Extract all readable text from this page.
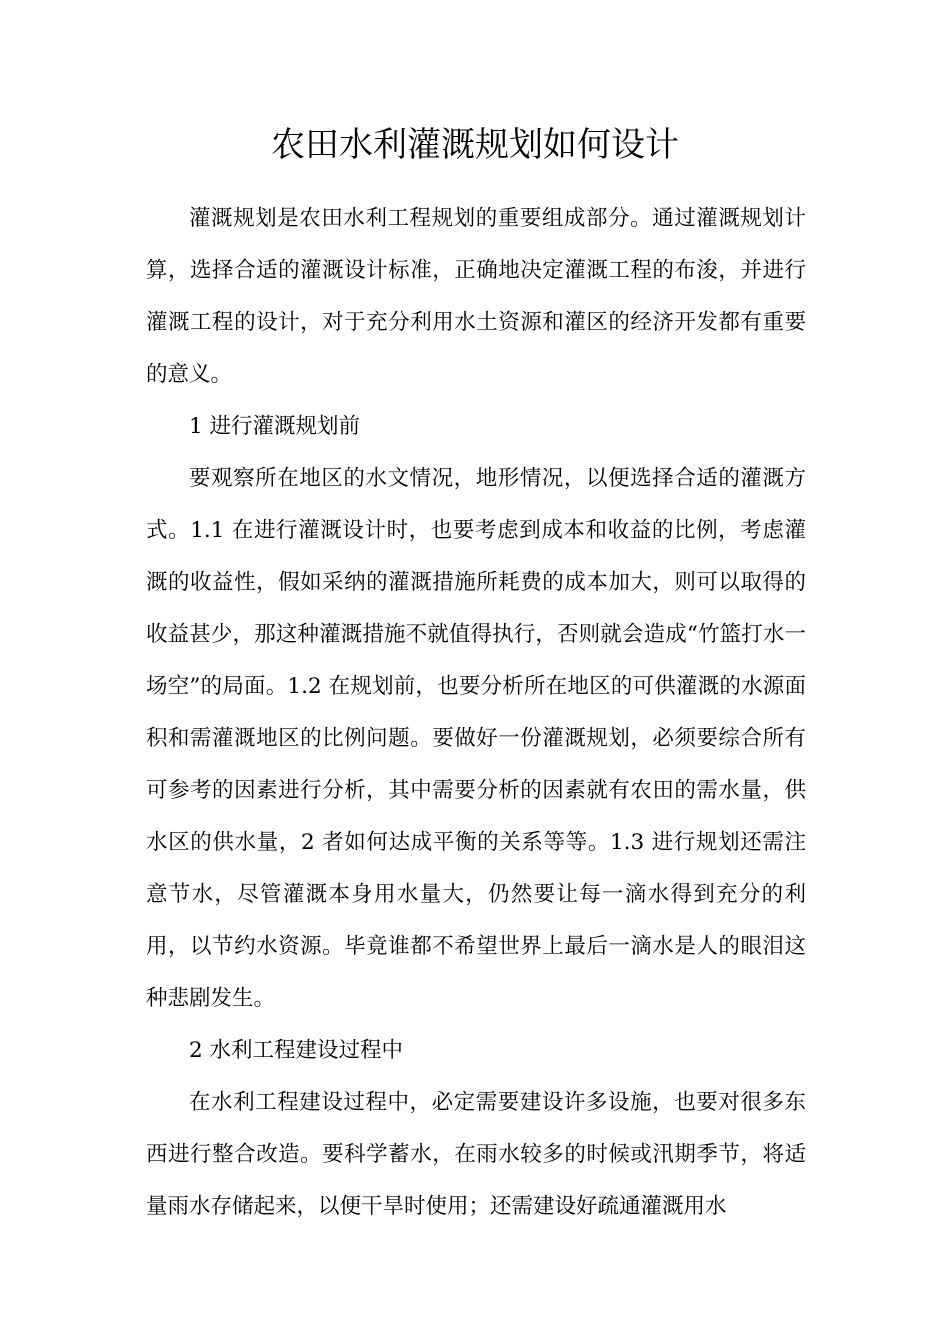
农田水利灌溉规划如何设计

灌溉规划是农田水利工程规划的重要组成部分。通过灌溉规划计算，选择合适的灌溉设计标准，正确地决定灌溉工程的布浚，并进行灌溉工程的设计，对于充分利用水土资源和灌区的经济开发都有重要的意义。

1 进行灌溉规划前

要观察所在地区的水文情况，地形情况，以便选择合适的灌溉方式。1.1 在进行灌溉设计时，也要考虑到成本和收益的比例，考虑灌溉的收益性，假如采纳的灌溉措施所耗费的成本加大，则可以取得的收益甚少，那这种灌溉措施不就值得执行，否则就会造成“竹篮打水一场空”的局面。1.2 在规划前，也要分析所在地区的可供灌溉的水源面积和需灌溉地区的比例问题。要做好一份灌溉规划，必须要综合所有可参考的因素进行分析，其中需要分析的因素就有农田的需水量，供水区的供水量，2 者如何达成平衡的关系等等。1.3 进行规划还需注意节水，尽管灌溉本身用水量大，仍然要让每一滴水得到充分的利用，以节约水资源。毕竟谁都不希望世界上最后一滴水是人的眼泪这种悲剧发生。

2 水利工程建设过程中

在水利工程建设过程中，必定需要建设许多设施，也要对很多东西进行整合改造。要科学蓄水，在雨水较多的时候或汛期季节，将适量雨水存储起来，以便干旱时使用；还需建设好疏通灌溉用水
